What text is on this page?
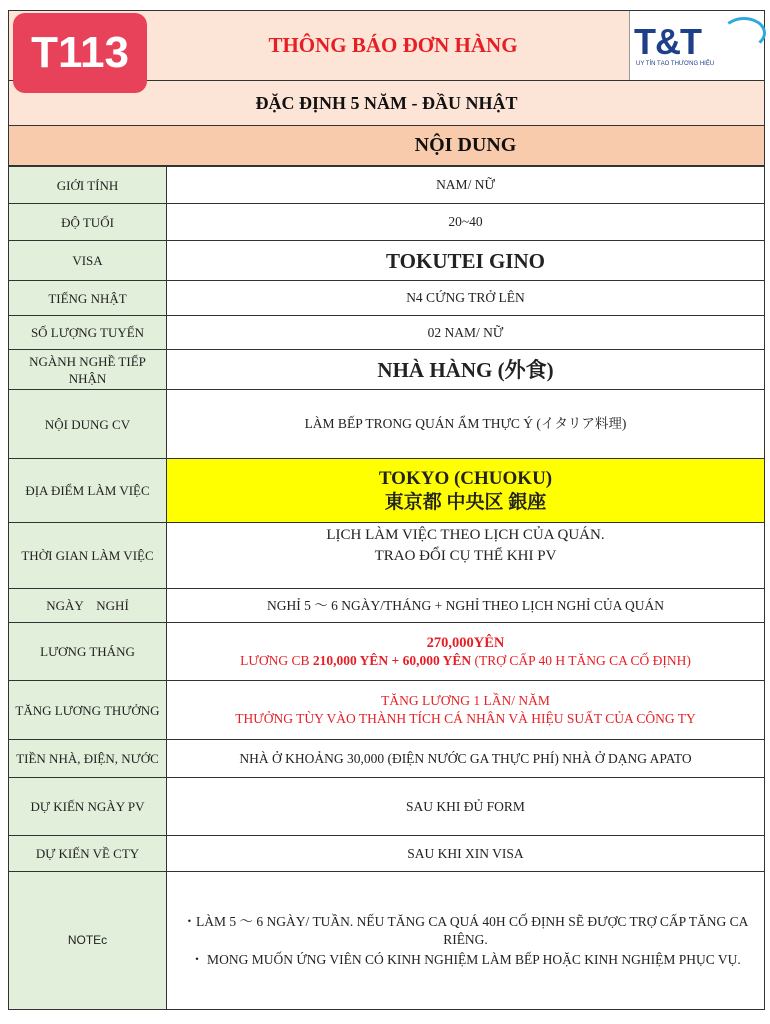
THÔNG BÁO ĐƠN HÀNG	T&T
UY TÍN TẠO THƯƠNG HIỆU
T113
ĐẶC ĐỊNH 5 NĂM - ĐẦU NHẬT
NỘI DUNG
GIỚI TÍNH	NAM/ NỮ
ĐỘ TUỔI	20~40
VISA	TOKUTEI GINO
TIẾNG NHẬT	N4 CỨNG TRỞ LÊN
SỐ LƯỢNG TUYỂN	02 NAM/ NỮ
NGÀNH NGHỀ TIẾP NHẬN	NHÀ HÀNG (外食)
NỘI DUNG CV	LÀM BẾP TRONG QUÁN ẨM THỰC Ý (イタリア料理)
ĐỊA ĐIỂM LÀM VIỆC	TOKYO (CHUOKU)
東京都 中央区 銀座

THỜI GIAN LÀM VIỆC	LỊCH LÀM VIỆC THEO LỊCH CỦA QUÁN.
TRAO ĐỔI CỤ THỂ KHI PV

NGÀY    NGHỈ	NGHỈ 5 ～ 6 NGÀY/THÁNG + NGHỈ THEO LỊCH NGHỈ CỦA QUÁN
LƯƠNG THÁNG	270,000YÊN
LƯƠNG CB 210,000 YÊN + 60,000 YÊN (TRỢ CẤP 40 H TĂNG CA CỐ ĐỊNH)

TĂNG LƯƠNG THƯỞNG	TĂNG LƯƠNG 1 LẦN/ NĂM
THƯỞNG TÙY VÀO THÀNH TÍCH CÁ NHÂN VÀ HIỆU SUẤT CỦA CÔNG TY

TIỀN NHÀ, ĐIỆN, NƯỚC	NHÀ Ở KHOẢNG 30,000 (ĐIỆN NƯỚC GA THỰC PHÍ) NHÀ Ở DẠNG APATO
DỰ KIẾN NGÀY PV	SAU KHI ĐỦ FORM
DỰ KIẾN VỀ CTY	SAU KHI XIN VISA
NOTEc	・LÀM 5 ～ 6 NGÀY/ TUẦN. NẾU TĂNG CA QUÁ 40H CỐ ĐỊNH SẼ ĐƯỢC TRỢ CẤP TĂNG CA RIÊNG.
・ MONG MUỐN ỨNG VIÊN CÓ KINH NGHIỆM LÀM BẾP HOẶC KINH NGHIỆM PHỤC VỤ.
